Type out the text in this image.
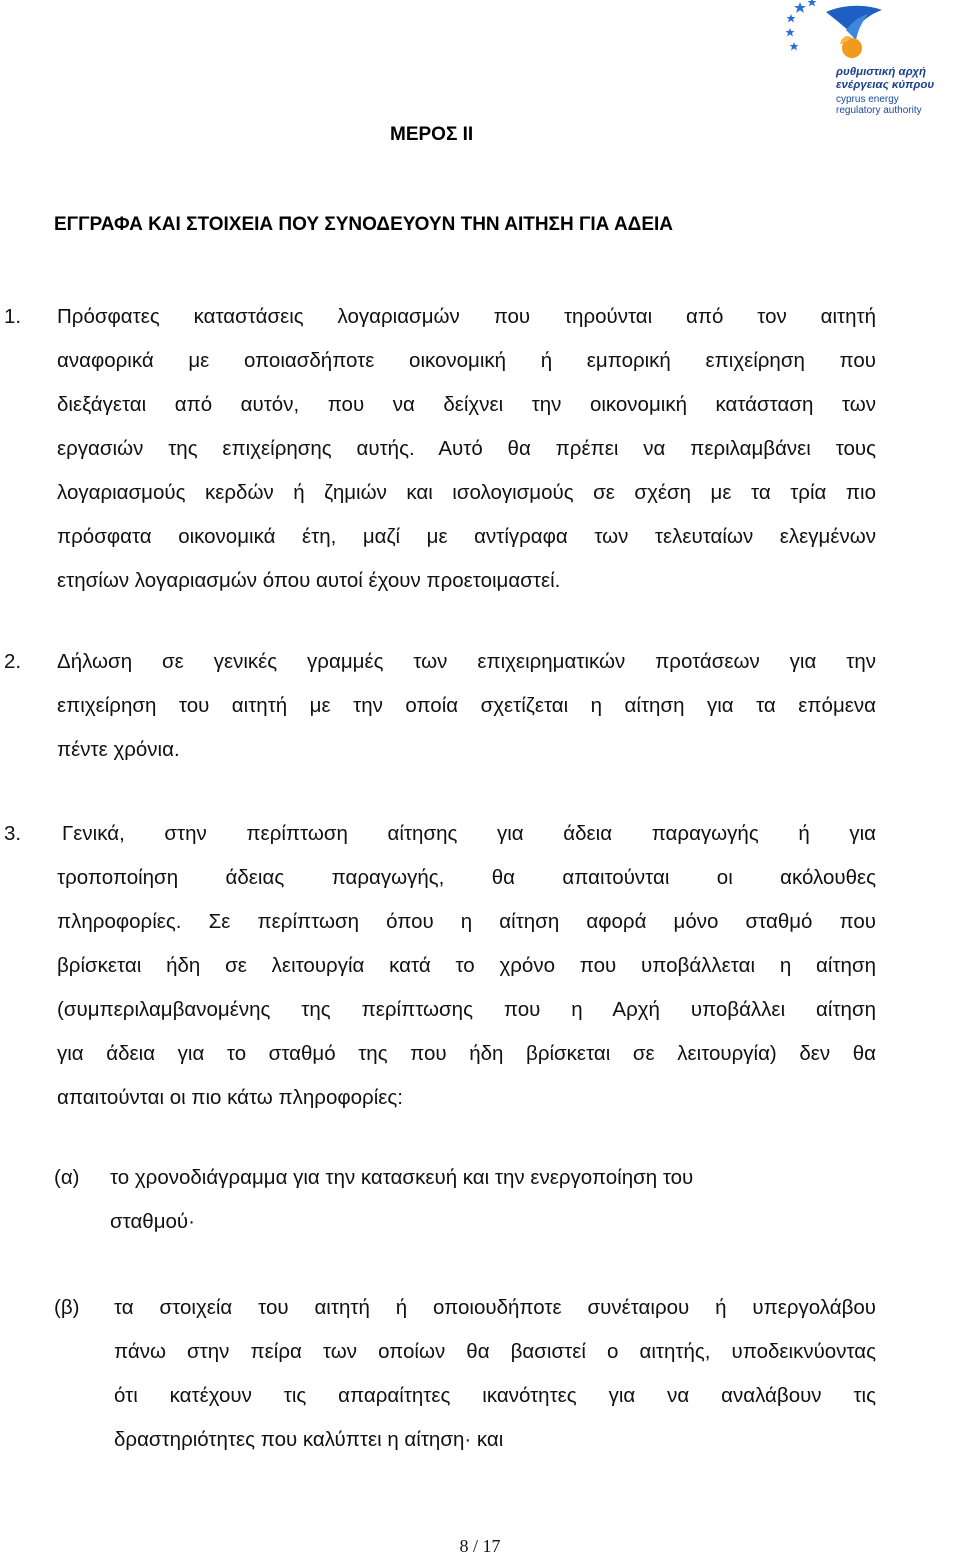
ρυθμιστική αρχή
ενέργειας κύπρου
cyprus energy
regulatory authority
ΜΕΡΟΣ ΙΙ
ΕΓΓΡΑΦΑ ΚΑΙ ΣΤΟΙΧΕΙΑ ΠΟΥ ΣΥΝΟΔΕΥΟΥΝ ΤΗΝ ΑΙΤΗΣΗ ΓΙΑ ΑΔΕΙΑ
1. Πρόσφατες καταστάσεις λογαριασμών που τηρούνται από τον αιτητή
αναφορικά με οποιασδήποτε οικονομική ή εμπορική επιχείρηση που
διεξάγεται από αυτόν, που να δείχνει την οικονομική κατάσταση των
εργασιών της επιχείρησης αυτής. Αυτό θα πρέπει να περιλαμβάνει τους
λογαριασμούς κερδών ή ζημιών και ισολογισμούς σε σχέση με τα τρία πιο
πρόσφατα οικονομικά έτη, μαζί με αντίγραφα των τελευταίων ελεγμένων
ετησίων λογαριασμών όπου αυτοί έχουν προετοιμαστεί.
2. Δήλωση σε γενικές γραμμές των επιχειρηματικών προτάσεων για την
επιχείρηση του αιτητή με την οποία σχετίζεται η αίτηση για τα επόμενα
πέντε χρόνια.
3. Γενικά, στην περίπτωση αίτησης για άδεια παραγωγής ή για
τροποποίηση άδειας παραγωγής, θα απαιτούνται οι ακόλουθες
πληροφορίες. Σε περίπτωση όπου η αίτηση αφορά μόνο σταθμό που
βρίσκεται ήδη σε λειτουργία κατά το χρόνο που υποβάλλεται η αίτηση
(συμπεριλαμβανομένης της περίπτωσης που η Αρχή υποβάλλει αίτηση
για άδεια για το σταθμό της που ήδη βρίσκεται σε λειτουργία) δεν θα
απαιτούνται οι πιο κάτω πληροφορίες:
(α) το χρονοδιάγραμμα για την κατασκευή και την ενεργοποίηση του
σταθμού·
(β) τα στοιχεία του αιτητή ή οποιουδήποτε συνέταιρου ή υπεργολάβου
πάνω στην πείρα των οποίων θα βασιστεί ο αιτητής, υποδεικνύοντας
ότι κατέχουν τις απαραίτητες ικανότητες για να αναλάβουν τις
δραστηριότητες που καλύπτει η αίτηση· και
8 / 17
